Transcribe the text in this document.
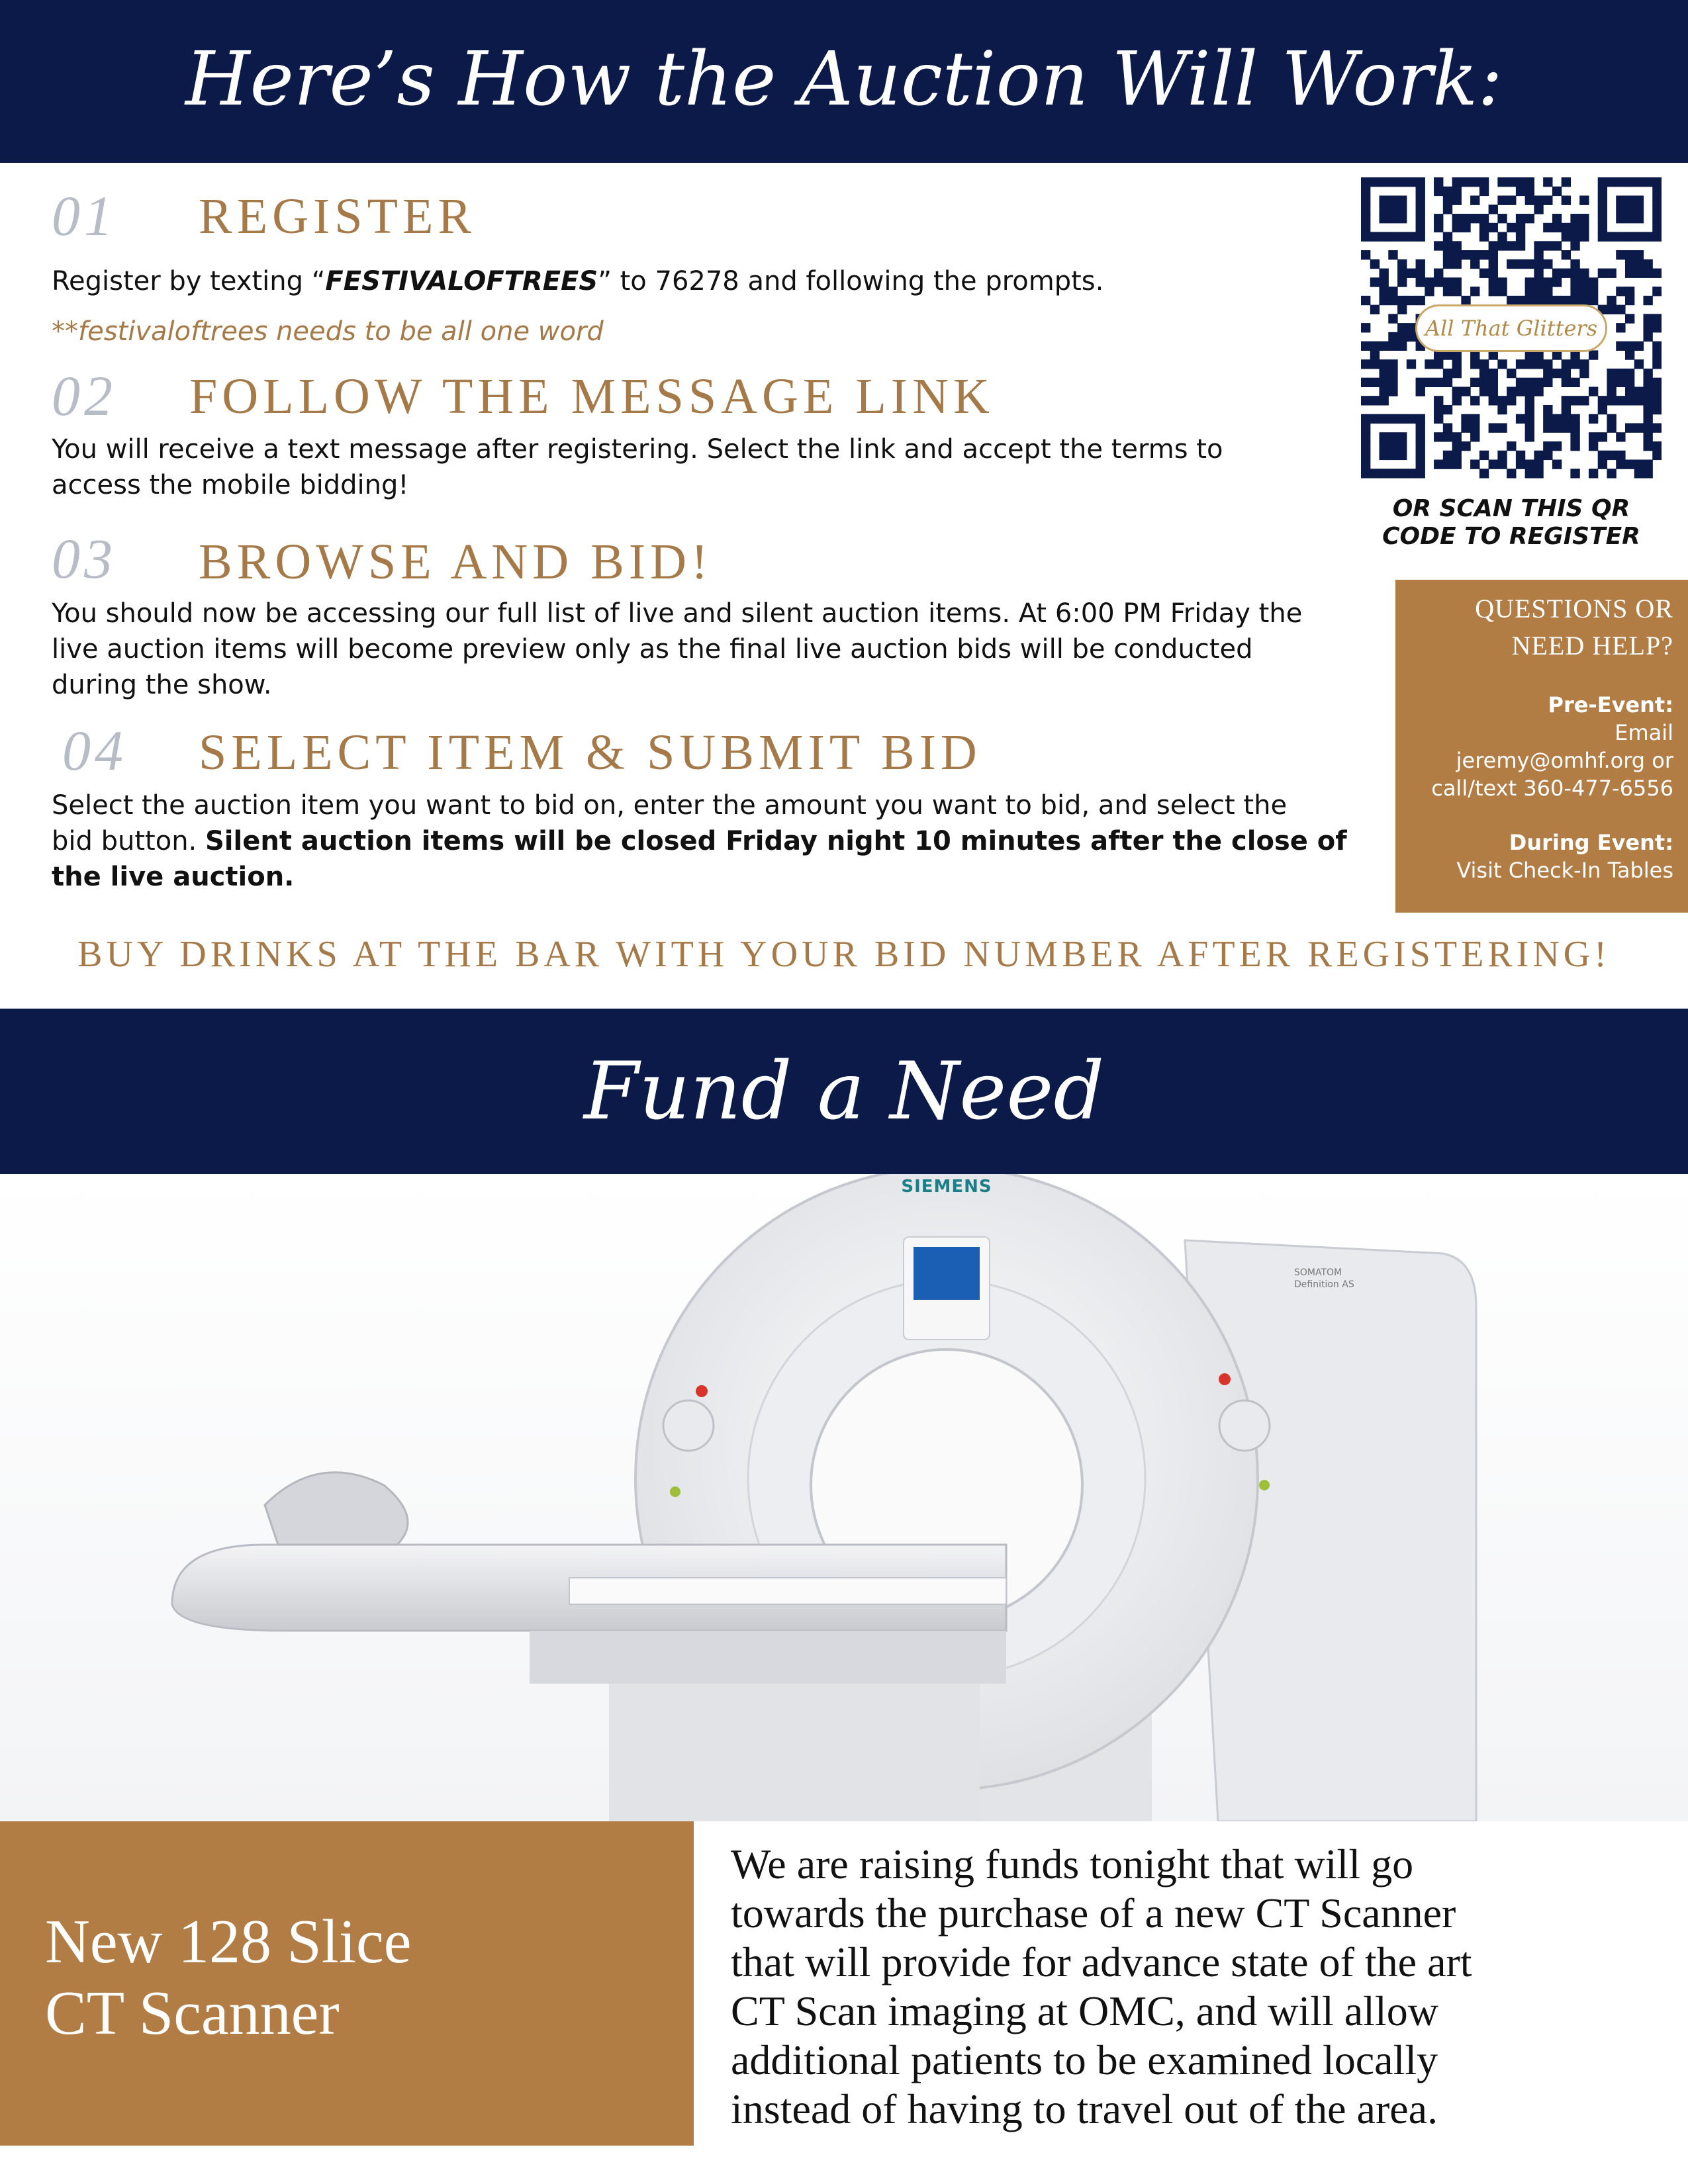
Here’s How the Auction Will Work:
01 REGISTER
Register by texting “FESTIVALOFTREES” to 76278 and following the prompts.
**festivaloftrees needs to be all one word
02 FOLLOW THE MESSAGE LINK
You will receive a text message after registering. Select the link and accept the terms to
access the mobile bidding!
03 BROWSE AND BID!
You should now be accessing our full list of live and silent auction items. At 6:00 PM Friday the
live auction items will become preview only as the final live auction bids will be conducted
during the show.
04 SELECT ITEM & SUBMIT BID
Select the auction item you want to bid on, enter the amount you want to bid, and select the
bid button. Silent auction items will be closed Friday night 10 minutes after the close of
the live auction.
All That Glitters
OR SCAN THIS QR
CODE TO REGISTER
QUESTIONS OR
NEED HELP?
Pre-Event:
Email
jeremy@omhf.org or
call/text 360-477-6556
During Event:
Visit Check-In Tables
BUY DRINKS AT THE BAR WITH YOUR BID NUMBER AFTER REGISTERING!
Fund a Need
SIEMENS
SOMATOM
Definition AS
New 128 Slice
CT Scanner
We are raising funds tonight that will go
towards the purchase of a new CT Scanner
that will provide for advance state of the art
CT Scan imaging at OMC, and will allow
additional patients to be examined locally
instead of having to travel out of the area.
